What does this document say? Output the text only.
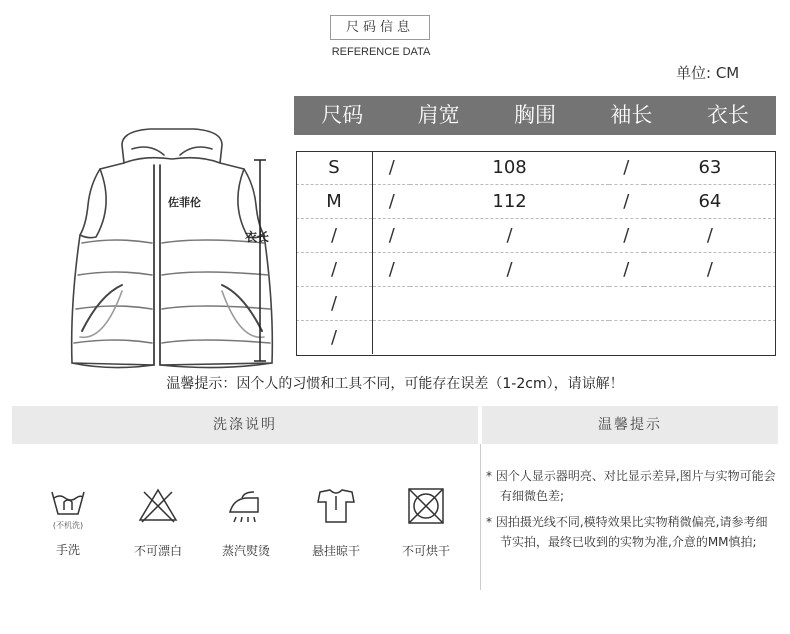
尺码信息
REFERENCE DATA
单位: CM
佐菲伦
衣长
尺码	肩宽	胸围	袖长	衣长
S	/	108	/	63
M	/	112	/	64
/	/	/	/	/
/	/	/	/	/
/				
/				
温馨提示：因个人的习惯和工具不同，可能存在误差（1-2cm），请谅解！
洗涤说明	温馨提示
(不机洗)
手洗	不可漂白	蒸汽熨烫	悬挂晾干	不可烘干

* 因个人显示器明亮、对比显示差异,图片与实物可能会有细微色差;

* 因拍摄光线不同,模特效果比实物稍微偏亮,请参考细节实拍，最终已收到的实物为准,介意的MM慎拍;
